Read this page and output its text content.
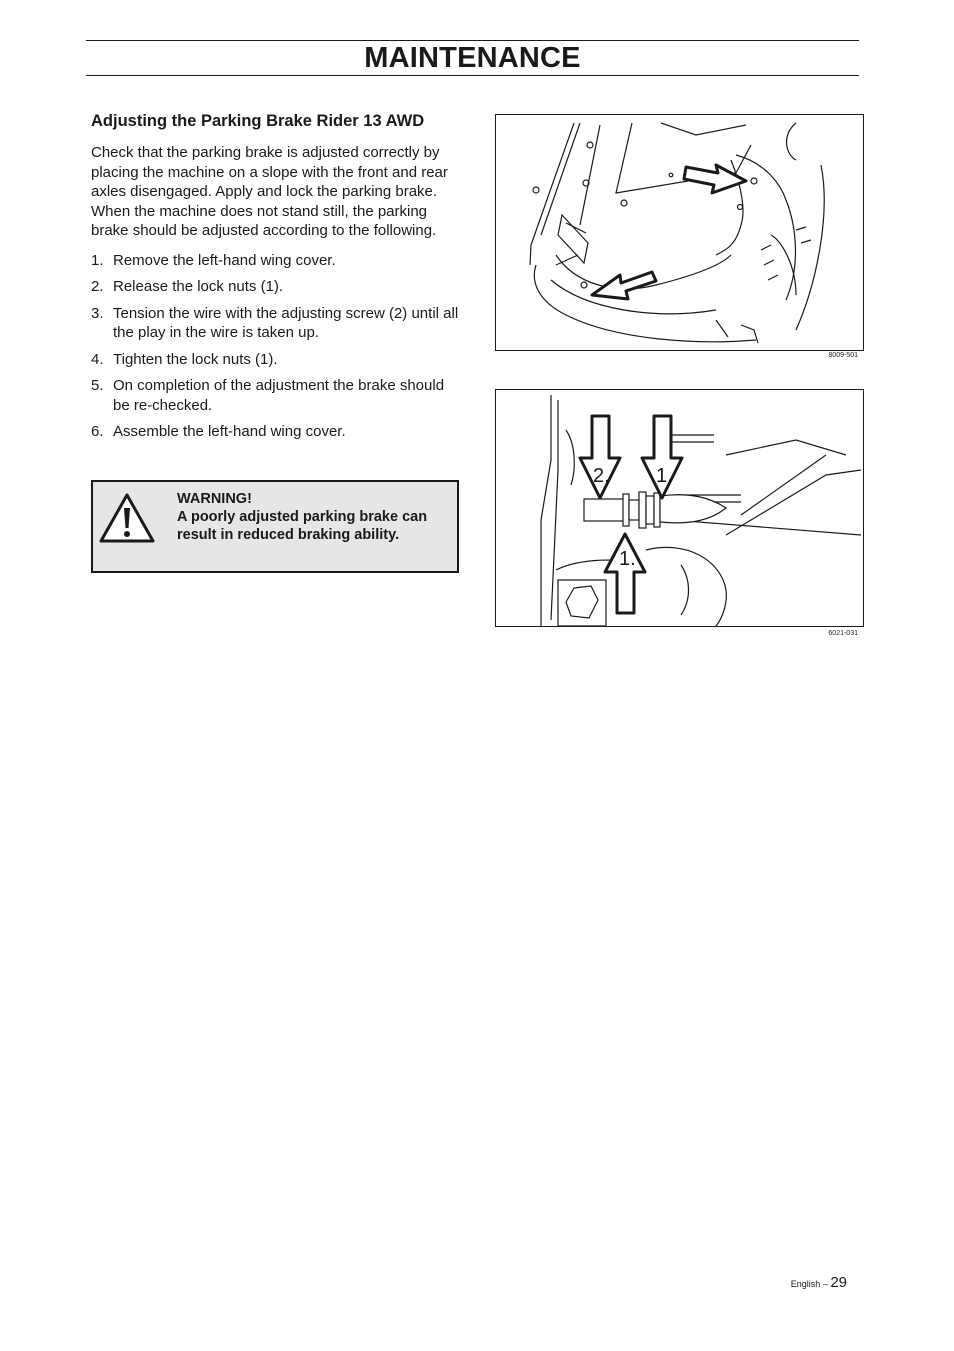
MAINTENANCE
Adjusting the Parking Brake Rider 13 AWD

Check that the parking brake is adjusted correctly by placing the machine on a slope with the front and rear axles disengaged. Apply and lock the parking brake. When the machine does not stand still, the parking brake should be adjusted according to the following.

1. Remove the left-hand wing cover.
2. Release the lock nuts (1).
3. Tension the wire with the adjusting screw (2) until all the play in the wire is taken up.
4. Tighten the lock nuts (1).
5. On completion of the adjustment the brake should be re-checked.
6. Assemble the left-hand wing cover.
WARNING!
A poorly adjusted parking brake can result in reduced braking ability.
8009-501
2. 1.
1.
6021-031
English – 29
